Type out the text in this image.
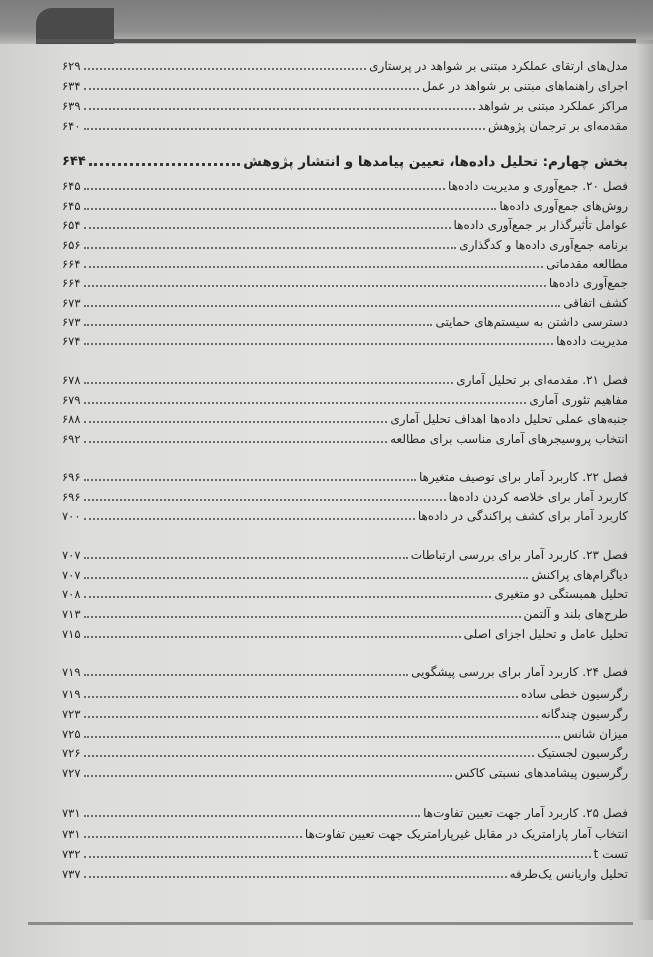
مدل‌های ارتقای عملکرد مبتنی بر شواهد در پرستاری
۶۲۹
اجرای راهنماهای مبتنی بر شواهد در عمل
۶۳۴
مراکز عملکرد مبتنی بر شواهد
۶۳۹
مقدمه‌ای بر ترجمان پژوهش
۶۴۰
بخش چهارم: تحلیل داده‌ها، تعیین پیامدها و انتشار پژوهش
۶۴۴
فصل ۲۰. جمع‌آوری و مدیریت داده‌ها
۶۴۵
روش‌های جمع‌آوری داده‌ها
۶۴۵
عوامل تأثیرگذار بر جمع‌آوری داده‌ها
۶۵۴
برنامه جمع‌آوری داده‌ها و کدگذاری
۶۵۶
مطالعه مقدماتی
۶۶۴
جمع‌آوری داده‌ها
۶۶۴
کشف اتفاقی
۶۷۳
دسترسی داشتن به سیستم‌های حمایتی
۶۷۳
مدیریت داده‌ها
۶۷۴
فصل ۲۱. مقدمه‌ای بر تحلیل آماری
۶۷۸
مفاهیم تئوری آماری
۶۷۹
جنبه‌های عملی تحلیل داده‌ها اهداف تحلیل آماری
۶۸۸
انتخاب پروسیجرهای آماری مناسب برای مطالعه
۶۹۲
فصل ۲۲. کاربرد آمار برای توصیف متغیرها
۶۹۶
کاربرد آمار برای خلاصه کردن داده‌ها
۶۹۶
کاربرد آمار برای کشف پراکندگی در داده‌ها
۷۰۰
فصل ۲۳. کاربرد آمار برای بررسی ارتباطات
۷۰۷
دیاگرام‌های پراکنش
۷۰۷
تحلیل همبستگی دو متغیری
۷۰۸
طرح‌های بلند و آلتمن
۷۱۳
تحلیل عامل و تحلیل اجزای اصلی
۷۱۵
فصل ۲۴. کاربرد آمار برای بررسی پیشگویی
۷۱۹
رگرسیون خطی ساده
۷۱۹
رگرسیون چندگانه
۷۲۳
میزان شانس
۷۲۵
رگرسیون لجستیک
۷۲۶
رگرسیون پیشامدهای نسبتی کاکس
۷۲۷
فصل ۲۵. کاربرد آمار جهت تعیین تفاوت‌ها
۷۳۱
انتخاب آمار پارامتریک در مقابل غیرپارامتریک جهت تعیین تفاوت‌ها
۷۳۱
تست t
۷۳۲
تحلیل واریانس یک‌طرفه
۷۳۷
